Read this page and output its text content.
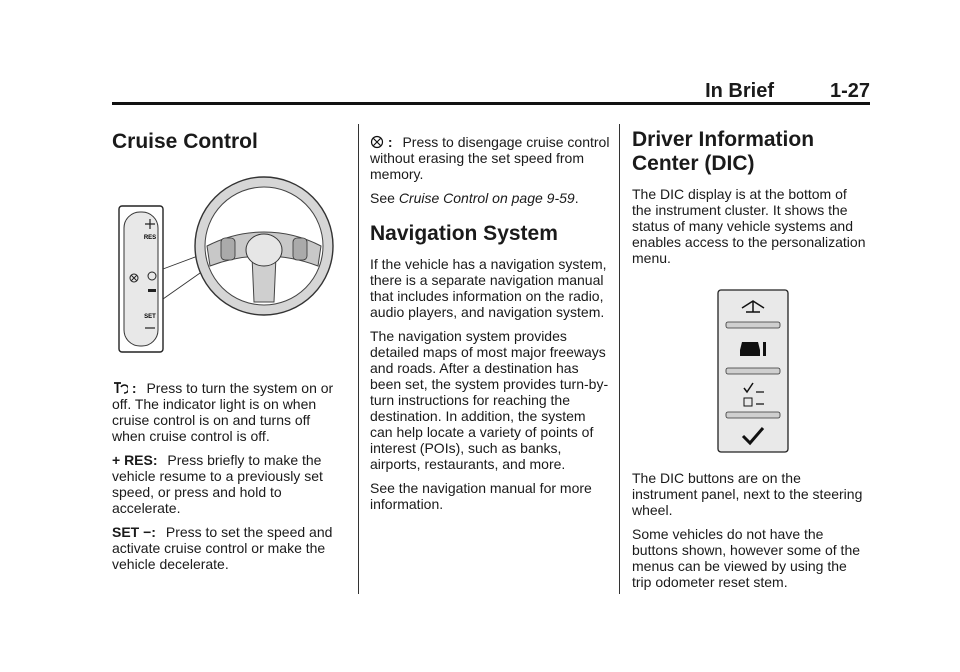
In Brief	1-27
Cruise Control
RES
SET

: Press to turn the system on or off. The indicator light is on when cruise control is on and turns off when cruise control is off.

+ RES: Press briefly to make the vehicle resume to a previously set speed, or press and hold to accelerate.

SET −: Press to set the speed and activate cruise control or make the vehicle decelerate.

: Press to disengage cruise control without erasing the set speed from memory.

See Cruise Control on page 9‑59.

Navigation System

If the vehicle has a navigation system, there is a separate navigation manual that includes information on the radio, audio players, and navigation system.

The navigation system provides detailed maps of most major freeways and roads. After a destination has been set, the system provides turn-by-turn instructions for reaching the destination. In addition, the system can help locate a variety of points of interest (POIs), such as banks, airports, restaurants, and more.

See the navigation manual for more information.

Driver Information
Center (DIC)

The DIC display is at the bottom of the instrument cluster. It shows the status of many vehicle systems and enables access to the personalization menu.

The DIC buttons are on the instrument panel, next to the steering wheel.

Some vehicles do not have the buttons shown, however some of the menus can be viewed by using the trip odometer reset stem.
